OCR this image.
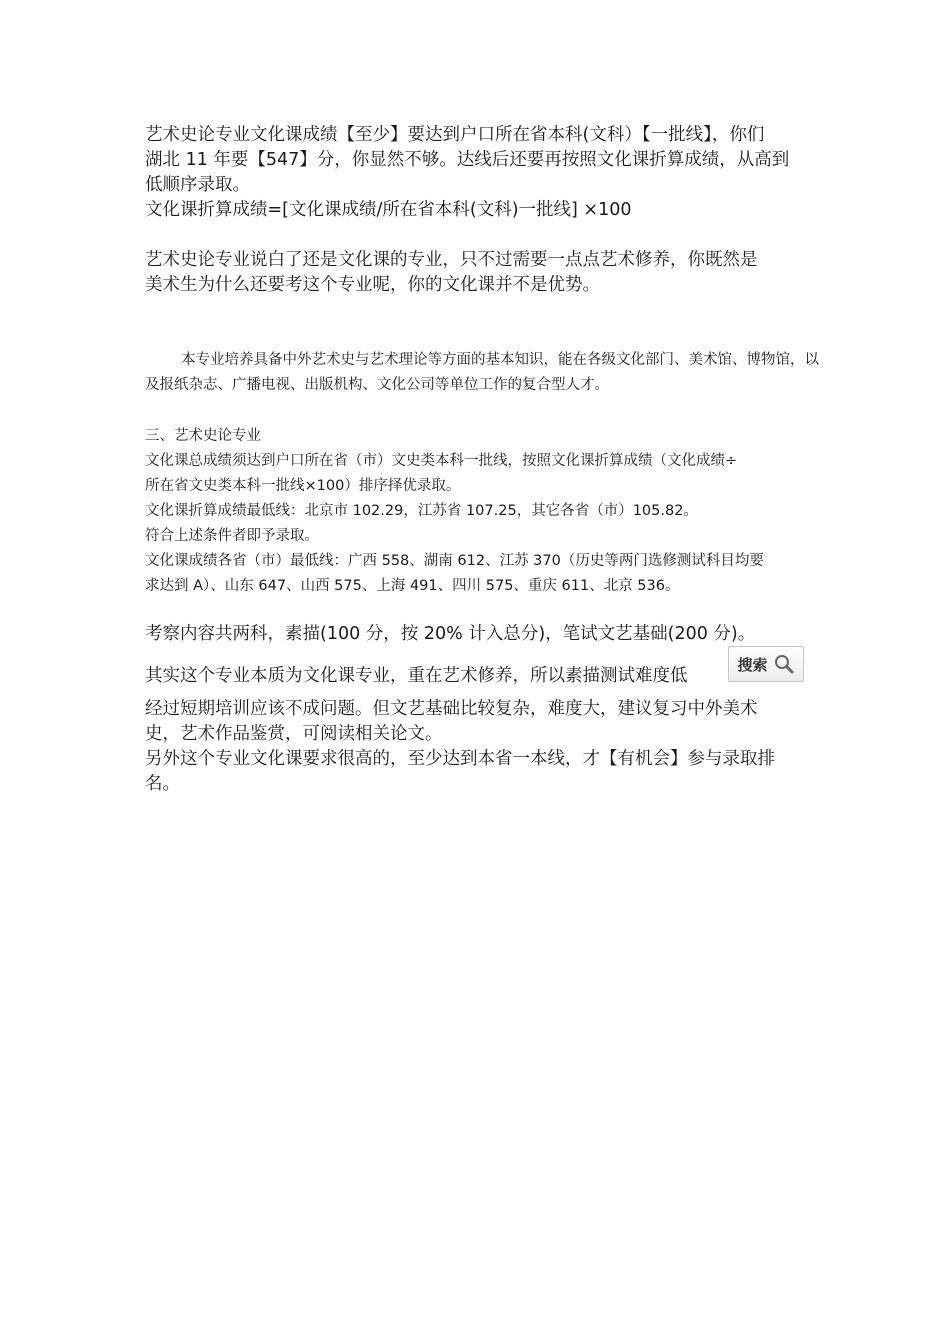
艺术史论专业文化课成绩【至少】要达到户口所在省本科(文科）【一批线】，你们

湖北 11 年要【547】分，你显然不够。达线后还要再按照文化课折算成绩，从高到

低顺序录取。

文化课折算成绩=[文化课成绩/所在省本科(文科)一批线] ×100

艺术史论专业说白了还是文化课的专业，只不过需要一点点艺术修养，你既然是

美术生为什么还要考这个专业呢，你的文化课并不是优势。

本专业培养具备中外艺术史与艺术理论等方面的基本知识，能在各级文化部门、美术馆、博物馆，以及报纸杂志、广播电视、出版机构、文化公司等单位工作的复合型人才。

三、艺术史论专业

文化课总成绩须达到户口所在省（市）文史类本科一批线，按照文化课折算成绩（文化成绩÷

所在省文史类本科一批线×100）排序择优录取。

文化课折算成绩最低线：北京市 102.29，江苏省 107.25，其它各省（市）105.82。

符合上述条件者即予录取。

文化课成绩各省（市）最低线：广西 558、湖南 612、江苏 370（历史等两门选修测试科目均要

求达到 A）、山东 647、山西 575、上海 491、四川 575、重庆 611、北京 536。

考察内容共两科，素描(100 分，按 20% 计入总分)，笔试文艺基础(200 分)。

其实这个专业本质为文化课专业，重在艺术修养，所以素描测试难度低

搜索

经过短期培训应该不成问题。但文艺基础比较复杂，难度大，建议复习中外美术

史，艺术作品鉴赏，可阅读相关论文。

另外这个专业文化课要求很高的，至少达到本省一本线，才【有机会】参与录取排

名。
